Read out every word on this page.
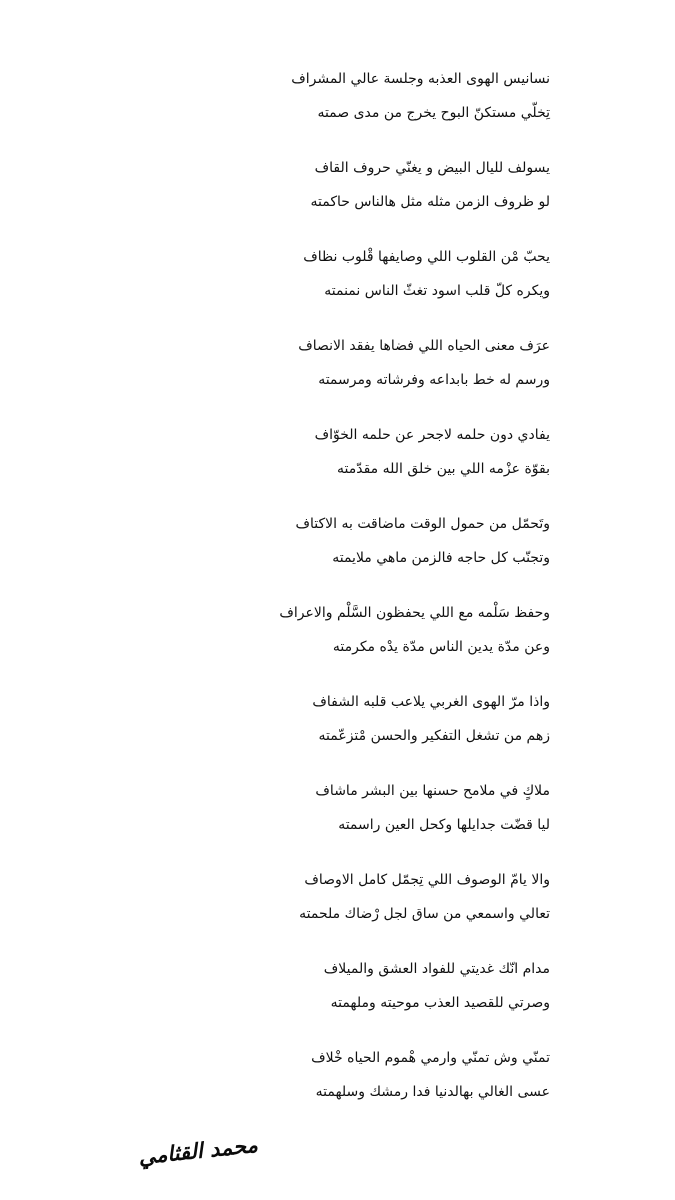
نسانيس الهوى العذبه وجلسة عالي المشراف
تِخلّي مستكنّ البوح يخرج من مدى صمته
يسولف لليال البيض و يغنّي حروف القاف
لو ظروف الزمن مثله مثل هالناس حاكمته
يحبّ مْن القلوب اللي وصايفها قْلوب نظاف
ويكره كلّ قلب اسود تغثّ الناس نمنمته
عرَف معنى الحياه اللي فضاها يفقد الانصاف
ورسم له خط بابداعه وفرشاته ومرسمته
يفادي دون حلمه لاجحر عن حلمه الخوّاف
بقوّة عزْمه اللي بين خلق الله مقدّمته
وتَحمّل من حمول الوقت ماضاقت به الاكتاف
وتجنّب كل حاجه فالزمن ماهي ملايمته
وحفظ سَلْمه مع اللي يحفظون السَّلْم والاعراف
وعن مدّة يدين الناس مدّة يدْه مكرمته
واذا مرّ الهوى الغربي يلاعب قلبه الشفاف
زهم من تشغل التفكير والحسن مْتزعّمته
ملاكٍ في ملامح حسنها بين البشر ماشاف
ليا قضّت جدايلها وكحل العين راسمته
والا يامّ الوصوف اللي تِجمّل كامل الاوصاف
تعالي واسمعي من ساق لجل رْضاك ملحمته
مدام انّك غديتي للفواد العشق والميلاف
وصرتي للقصيد العذب موحيته وملهمته
تمنّي وش تمنّي وارمي هْموم الحياه خْلاف
عسى الغالي بهالدنيا فدا رمشك وسلهمته
محمد القثامي
